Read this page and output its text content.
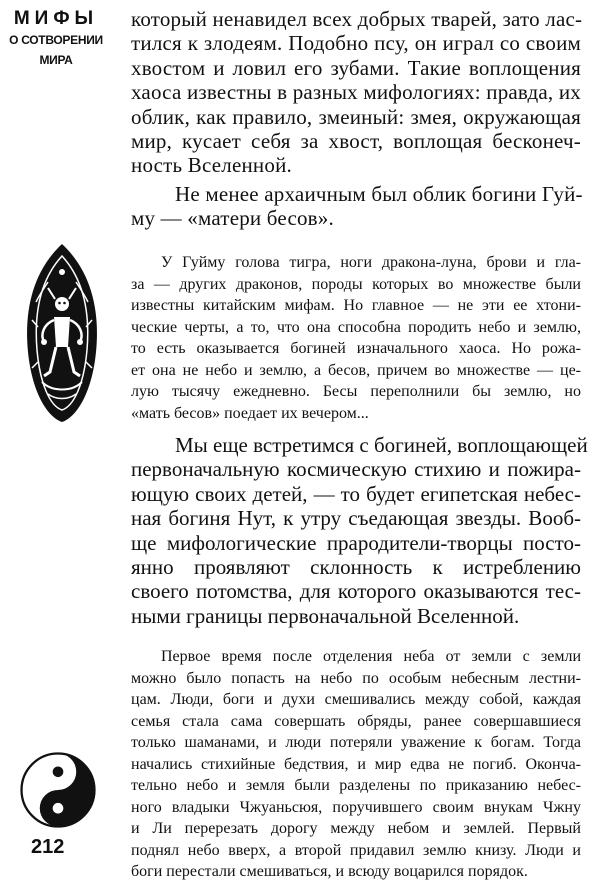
МИФЫ
О СОТВОРЕНИИ
МИРА
который ненавидел всех добрых тварей, зато лас-
тился к злодеям. Подобно псу, он играл со своим
хвостом и ловил его зубами. Такие воплощения
хаоса известны в разных мифологиях: правда, их
облик, как правило, змеиный: змея, окружающая
мир, кусает себя за хвост, воплощая бесконеч-
ность Вселенной.
Не менее архаичным был облик богини Гуй-
му — «матери бесов».
У Гуйму голова тигра, ноги дракона-луна, брови и гла-
за — других драконов, породы которых во множестве были
известны китайским мифам. Но главное — не эти ее хтони-
ческие черты, а то, что она способна породить небо и землю,
то есть оказывается богиней изначального хаоса. Но рожа-
ет она не небо и землю, а бесов, причем во множестве — це-
лую тысячу ежедневно. Бесы переполнили бы землю, но
«мать бесов» поедает их вечером...
Мы еще встретимся с богиней, воплощающей
первоначальную космическую стихию и пожира-
ющую своих детей, — то будет египетская небес-
ная богиня Нут, к утру съедающая звезды. Вооб-
ще мифологические прародители-творцы посто-
янно проявляют склонность к истреблению
своего потомства, для которого оказываются тес-
ными границы первоначальной Вселенной.
Первое время после отделения неба от земли с земли
можно было попасть на небо по особым небесным лестни-
цам. Люди, боги и духи смешивались между собой, каждая
семья стала сама совершать обряды, ранее совершавшиеся
только шаманами, и люди потеряли уважение к богам. Тогда
начались стихийные бедствия, и мир едва не погиб. Оконча-
тельно небо и земля были разделены по приказанию небес-
ного владыки Чжуаньсюя, поручившего своим внукам Чжну
и Ли перерезать дорогу между небом и землей. Первый
поднял небо вверх, а второй придавил землю книзу. Люди и
боги перестали смешиваться, и всюду воцарился порядок.
212
